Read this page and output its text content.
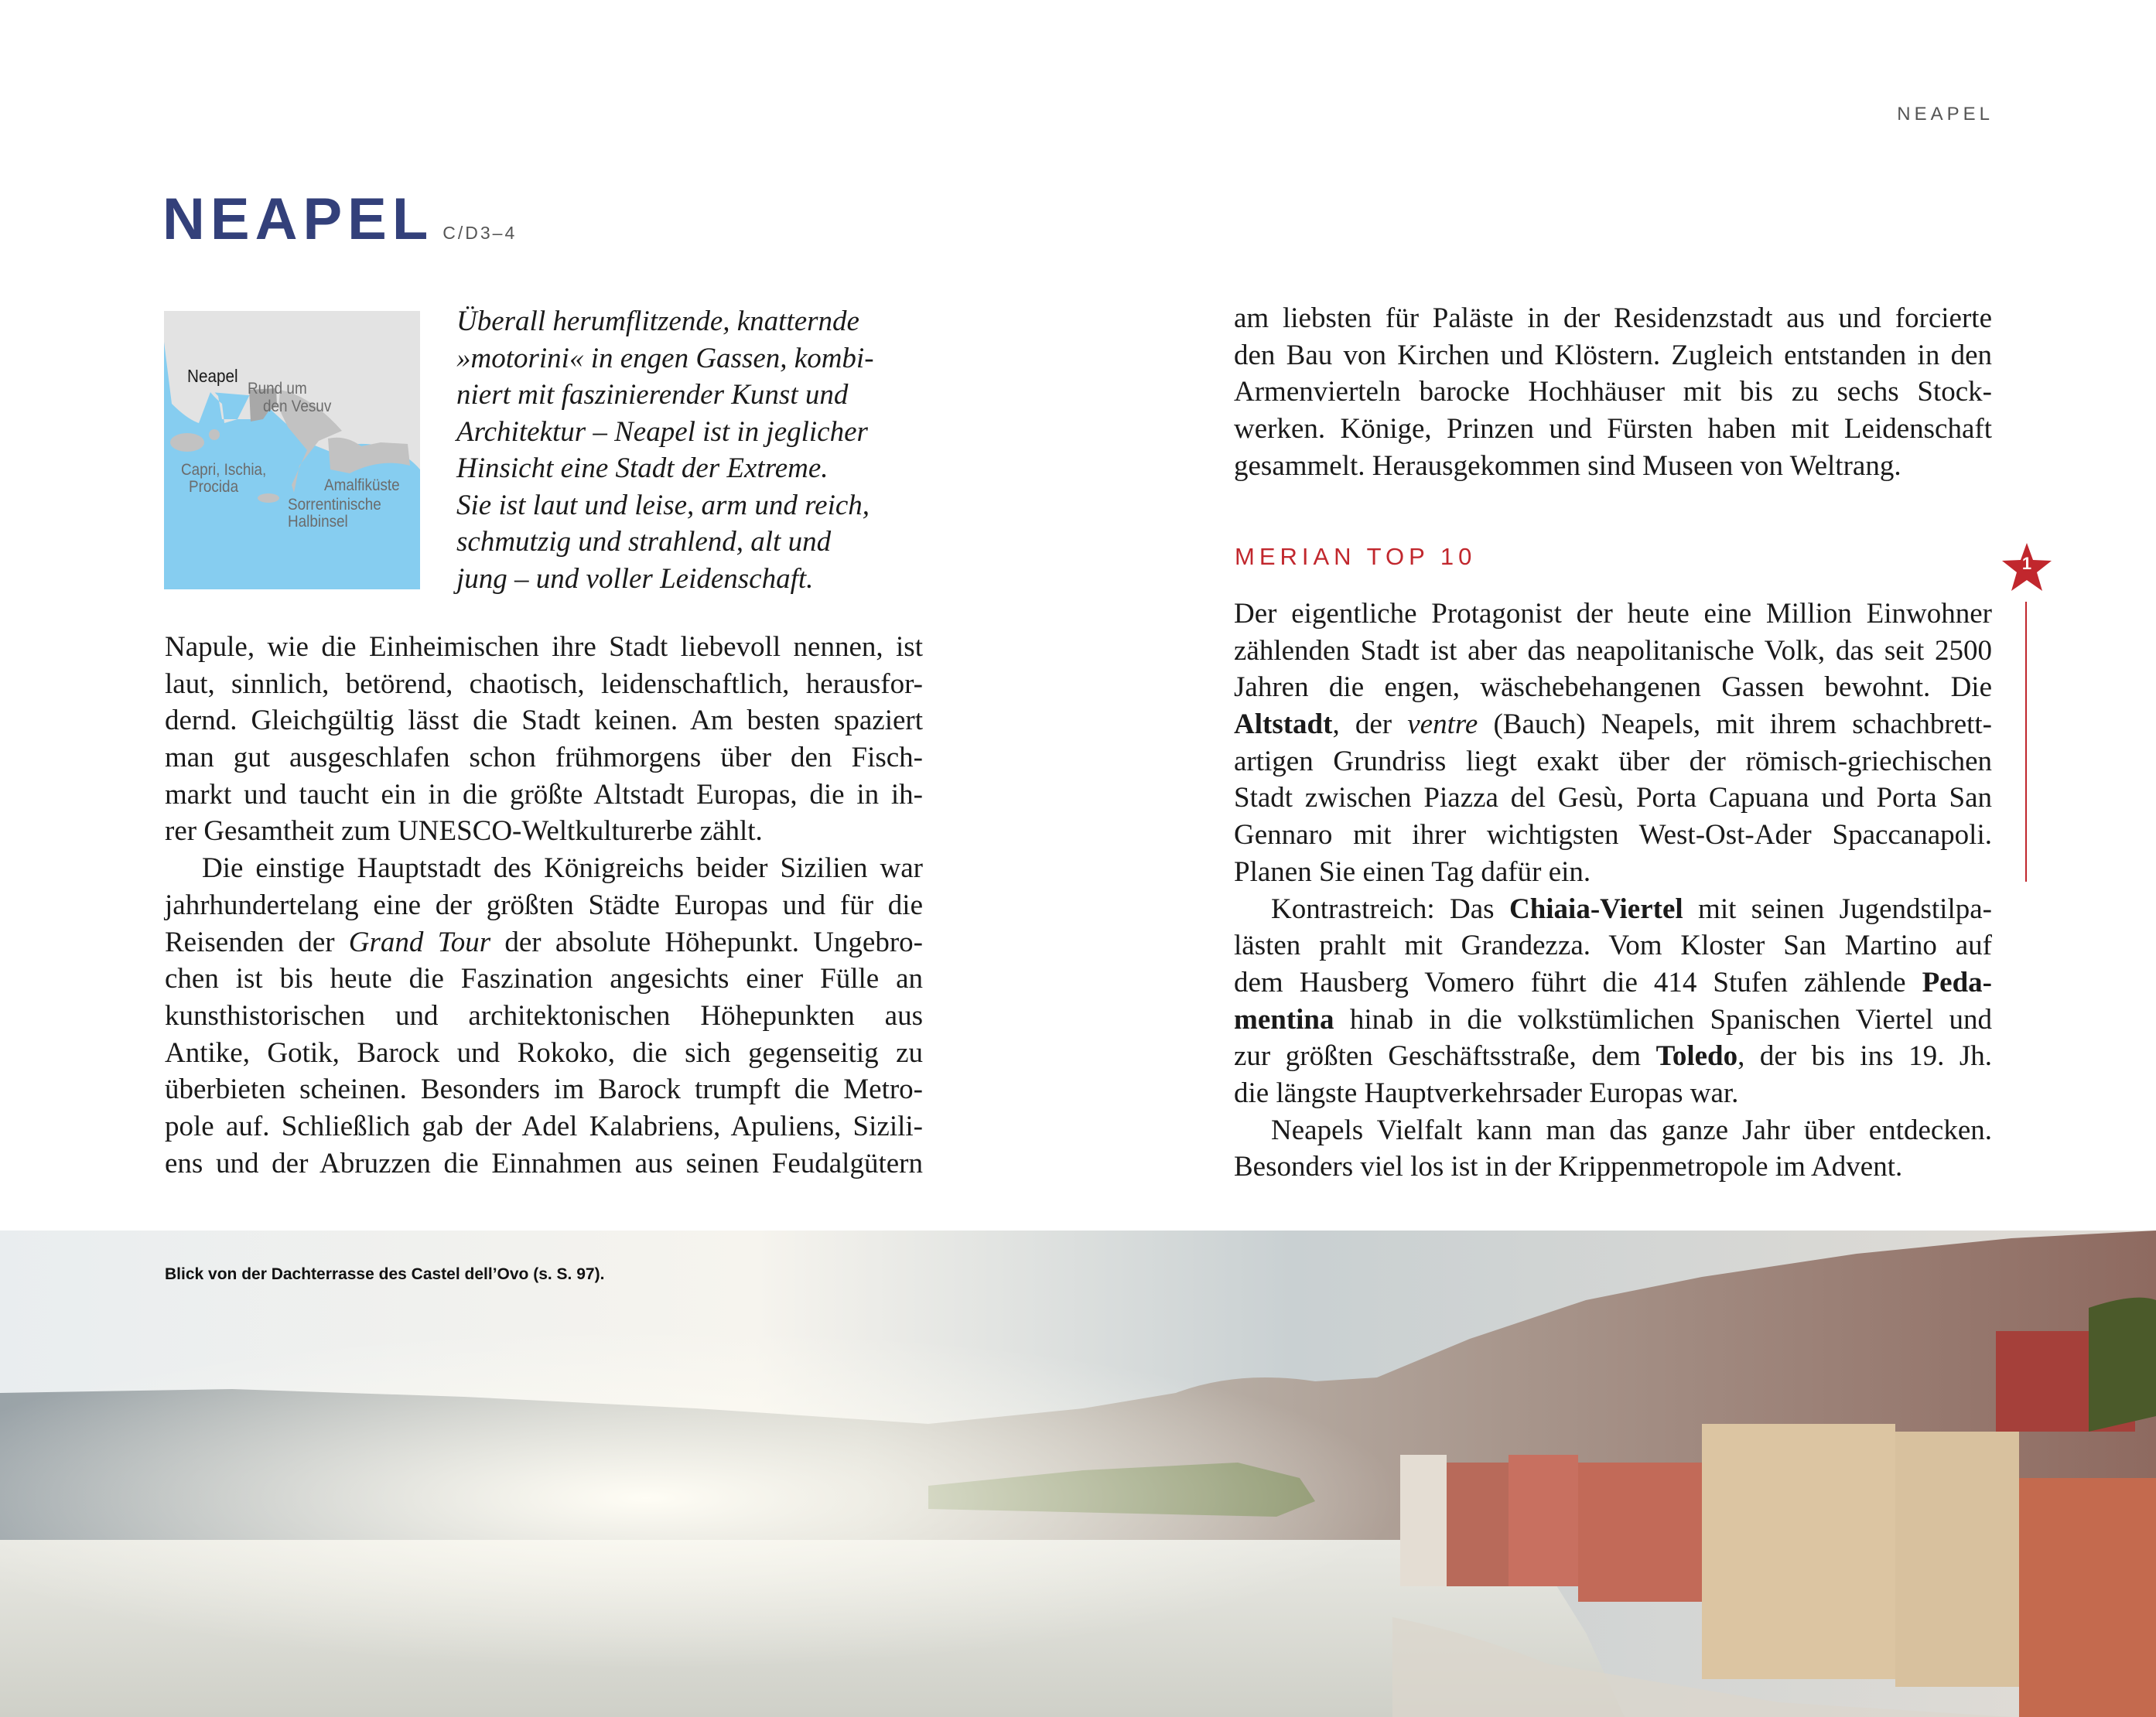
NEAPEL
NEAPEL C/D3–4
Neapel
Rund um
den Vesuv
Capri, Ischia,
Procida	Amalfiküste
Sorrentinische
Halbinsel
Überall herumflitzende, knatternde
»motorini« in engen Gassen, kombi-
niert mit faszinierender Kunst und
Architektur – Neapel ist in jeglicher
Hinsicht eine Stadt der Extreme.
Sie ist laut und leise, arm und reich,
schmutzig und strahlend, alt und
jung – und voller Leidenschaft.
Napule, wie die Einheimischen ihre Stadt liebevoll nennen, ist
laut, sinnlich, betörend, chaotisch, leidenschaftlich, herausfor-
dernd. Gleichgültig lässt die Stadt keinen. Am besten spaziert
man gut ausgeschlafen schon frühmorgens über den Fisch-
markt und taucht ein in die größte Altstadt Europas, die in ih-
rer Gesamtheit zum UNESCO-Weltkulturerbe zählt.
Die einstige Hauptstadt des Königreichs beider Sizilien war
jahrhundertelang eine der größten Städte Europas und für die
Reisenden der Grand Tour der absolute Höhepunkt. Ungebro-
chen ist bis heute die Faszination angesichts einer Fülle an
kunsthistorischen und architektonischen Höhepunkten aus
Antike, Gotik, Barock und Rokoko, die sich gegenseitig zu
überbieten scheinen. Besonders im Barock trumpft die Metro-
pole auf. Schließlich gab der Adel Kalabriens, Apuliens, Sizili-
ens und der Abruzzen die Einnahmen aus seinen Feudalgütern
am liebsten für Paläste in der Residenzstadt aus und forcierte
den Bau von Kirchen und Klöstern. Zugleich entstanden in den
Armenvierteln barocke Hochhäuser mit bis zu sechs Stock-
werken. Könige, Prinzen und Fürsten haben mit Leidenschaft
gesammelt. Herausgekommen sind Museen von Weltrang.
MERIAN TOP 10	1
Der eigentliche Protagonist der heute eine Million Einwohner
zählenden Stadt ist aber das neapolitanische Volk, das seit 2500
Jahren die engen, wäschebehangenen Gassen bewohnt. Die
Altstadt, der ventre (Bauch) Neapels, mit ihrem schachbrett-
artigen Grundriss liegt exakt über der römisch-griechischen
Stadt zwischen Piazza del Gesù, Porta Capuana und Porta San
Gennaro mit ihrer wichtigsten West-Ost-Ader Spaccanapoli.
Planen Sie einen Tag dafür ein.
Kontrastreich: Das Chiaia-Viertel mit seinen Jugendstilpa-
lästen prahlt mit Grandezza. Vom Kloster San Martino auf
dem Hausberg Vomero führt die 414 Stufen zählende Peda-
mentina hinab in die volkstümlichen Spanischen Viertel und
zur größten Geschäftsstraße, dem Toledo, der bis ins 19. Jh.
die längste Hauptverkehrsader Europas war.
Neapels Vielfalt kann man das ganze Jahr über entdecken.
Besonders viel los ist in der Krippenmetropole im Advent.
Blick von der Dachterrasse des Castel dell’Ovo (s. S. 97).
